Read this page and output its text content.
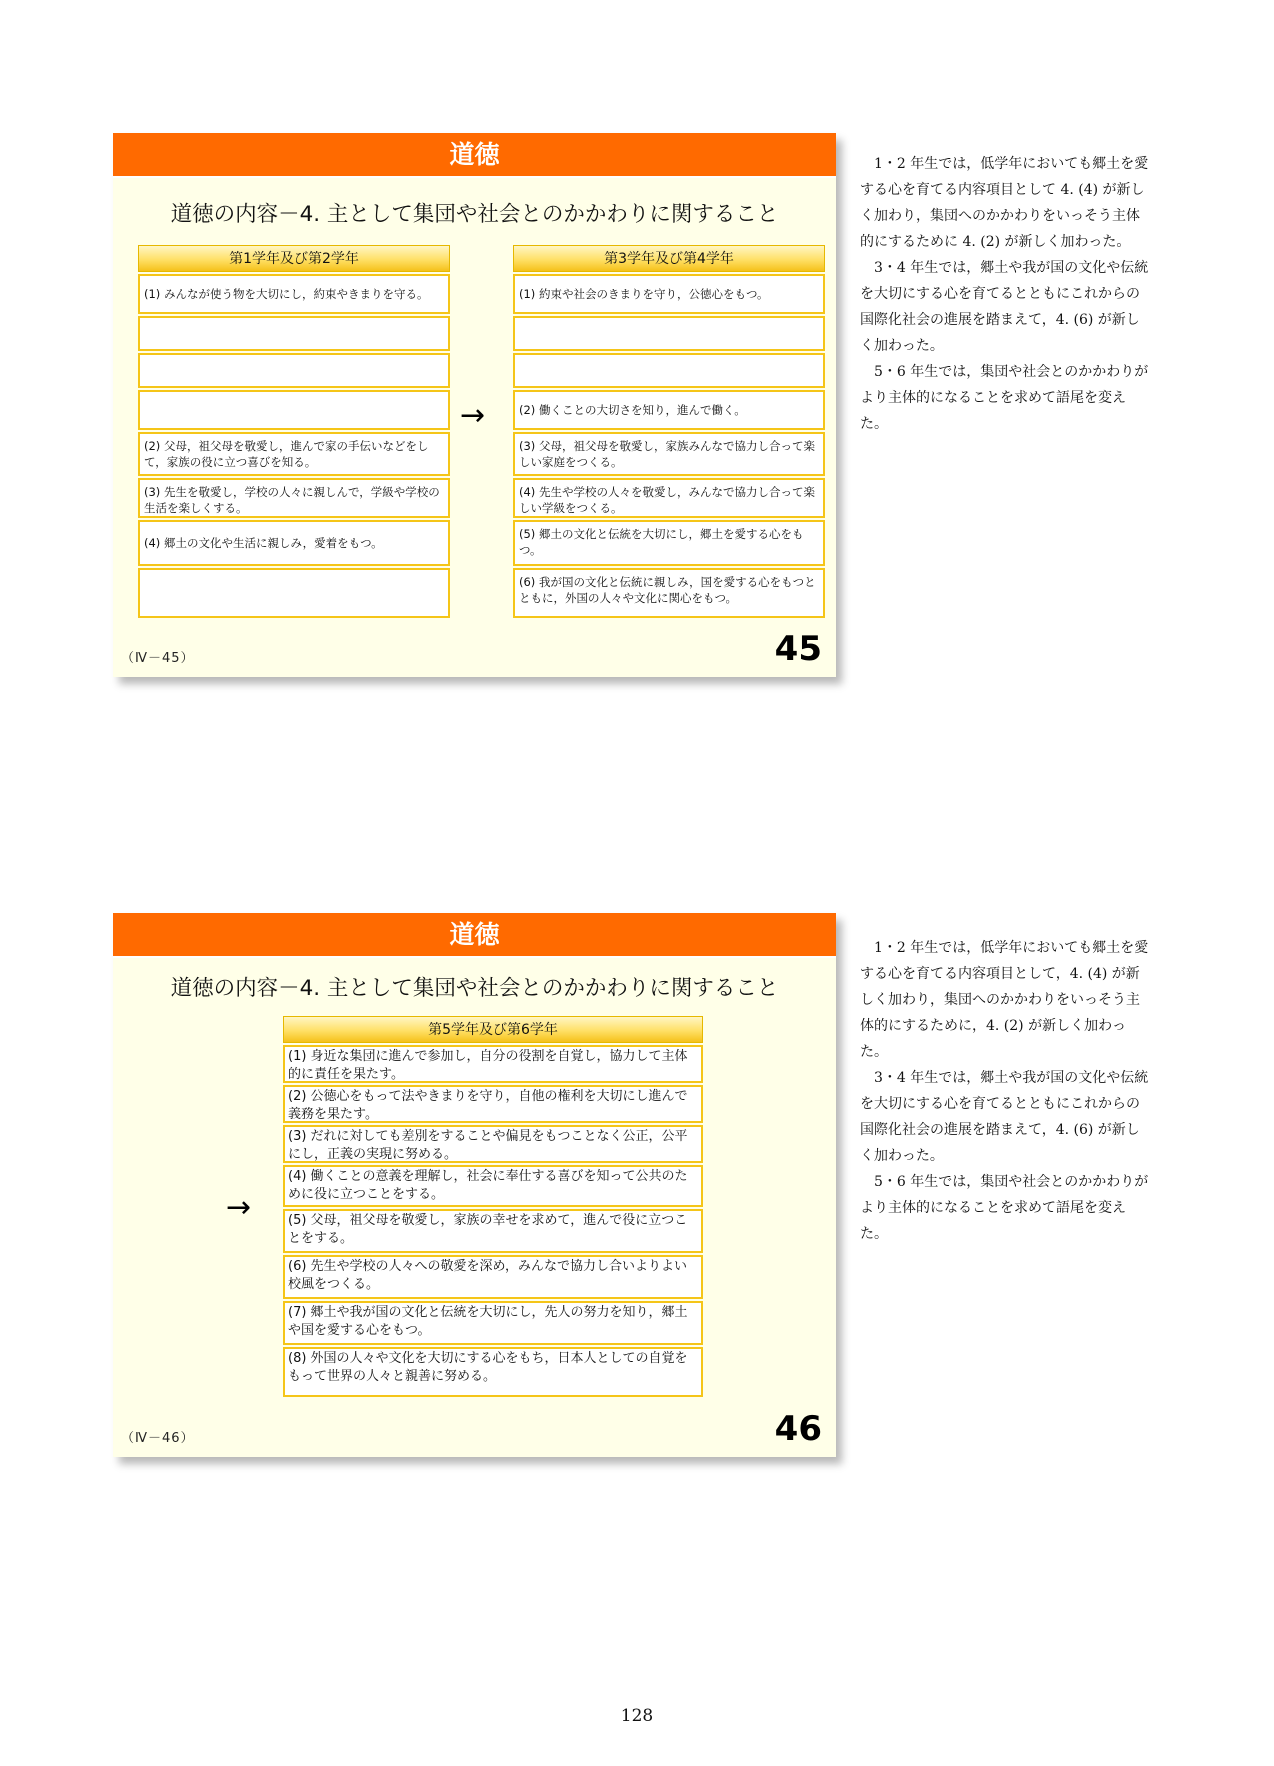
道徳
道徳の内容－4. 主として集団や社会とのかかわりに関すること
第1学年及び第2学年
(1) みんなが使う物を大切にし，約束やきまりを守る。
(2) 父母，祖父母を敬愛し，進んで家の手伝いなどをして，家族の役に立つ喜びを知る。
(3) 先生を敬愛し，学校の人々に親しんで，学級や学校の生活を楽しくする。
(4) 郷土の文化や生活に親しみ，愛着をもつ。
→
第3学年及び第4学年
(1) 約束や社会のきまりを守り，公徳心をもつ。
(2) 働くことの大切さを知り，進んで働く。
(3) 父母，祖父母を敬愛し，家族みんなで協力し合って楽しい家庭をつくる。
(4) 先生や学校の人々を敬愛し，みんなで協力し合って楽しい学級をつくる。
(5) 郷土の文化と伝統を大切にし，郷土を愛する心をもつ。
(6) 我が国の文化と伝統に親しみ，国を愛する心をもつとともに，外国の人々や文化に関心をもつ。
（Ⅳ－45）	45

1・2 年生では，低学年においても郷土を愛する心を育てる内容項目として 4. (4) が新しく加わり，集団へのかかわりをいっそう主体的にするために 4. (2) が新しく加わった。

3・4 年生では，郷土や我が国の文化や伝統を大切にする心を育てるとともにこれからの国際化社会の進展を踏まえて，4. (6) が新しく加わった。

5・6 年生では，集団や社会とのかかわりがより主体的になることを求めて語尾を変えた。

道徳
道徳の内容－4. 主として集団や社会とのかかわりに関すること
第5学年及び第6学年
(1) 身近な集団に進んで参加し，自分の役割を自覚し，協力して主体的に責任を果たす。
(2) 公徳心をもって法やきまりを守り，自他の権利を大切にし進んで義務を果たす。
(3) だれに対しても差別をすることや偏見をもつことなく公正，公平にし，正義の実現に努める。
(4) 働くことの意義を理解し，社会に奉仕する喜びを知って公共のために役に立つことをする。
(5) 父母，祖父母を敬愛し，家族の幸せを求めて，進んで役に立つことをする。
(6) 先生や学校の人々への敬愛を深め，みんなで協力し合いよりよい校風をつくる。
(7) 郷土や我が国の文化と伝統を大切にし，先人の努力を知り，郷土や国を愛する心をもつ。
(8) 外国の人々や文化を大切にする心をもち，日本人としての自覚をもって世界の人々と親善に努める。
→
（Ⅳ－46）	46

1・2 年生では，低学年においても郷土を愛する心を育てる内容項目として，4. (4) が新しく加わり，集団へのかかわりをいっそう主体的にするために，4. (2) が新しく加わった。

3・4 年生では，郷土や我が国の文化や伝統を大切にする心を育てるとともにこれからの国際化社会の進展を踏まえて，4. (6) が新しく加わった。

5・6 年生では，集団や社会とのかかわりがより主体的になることを求めて語尾を変えた。

128
